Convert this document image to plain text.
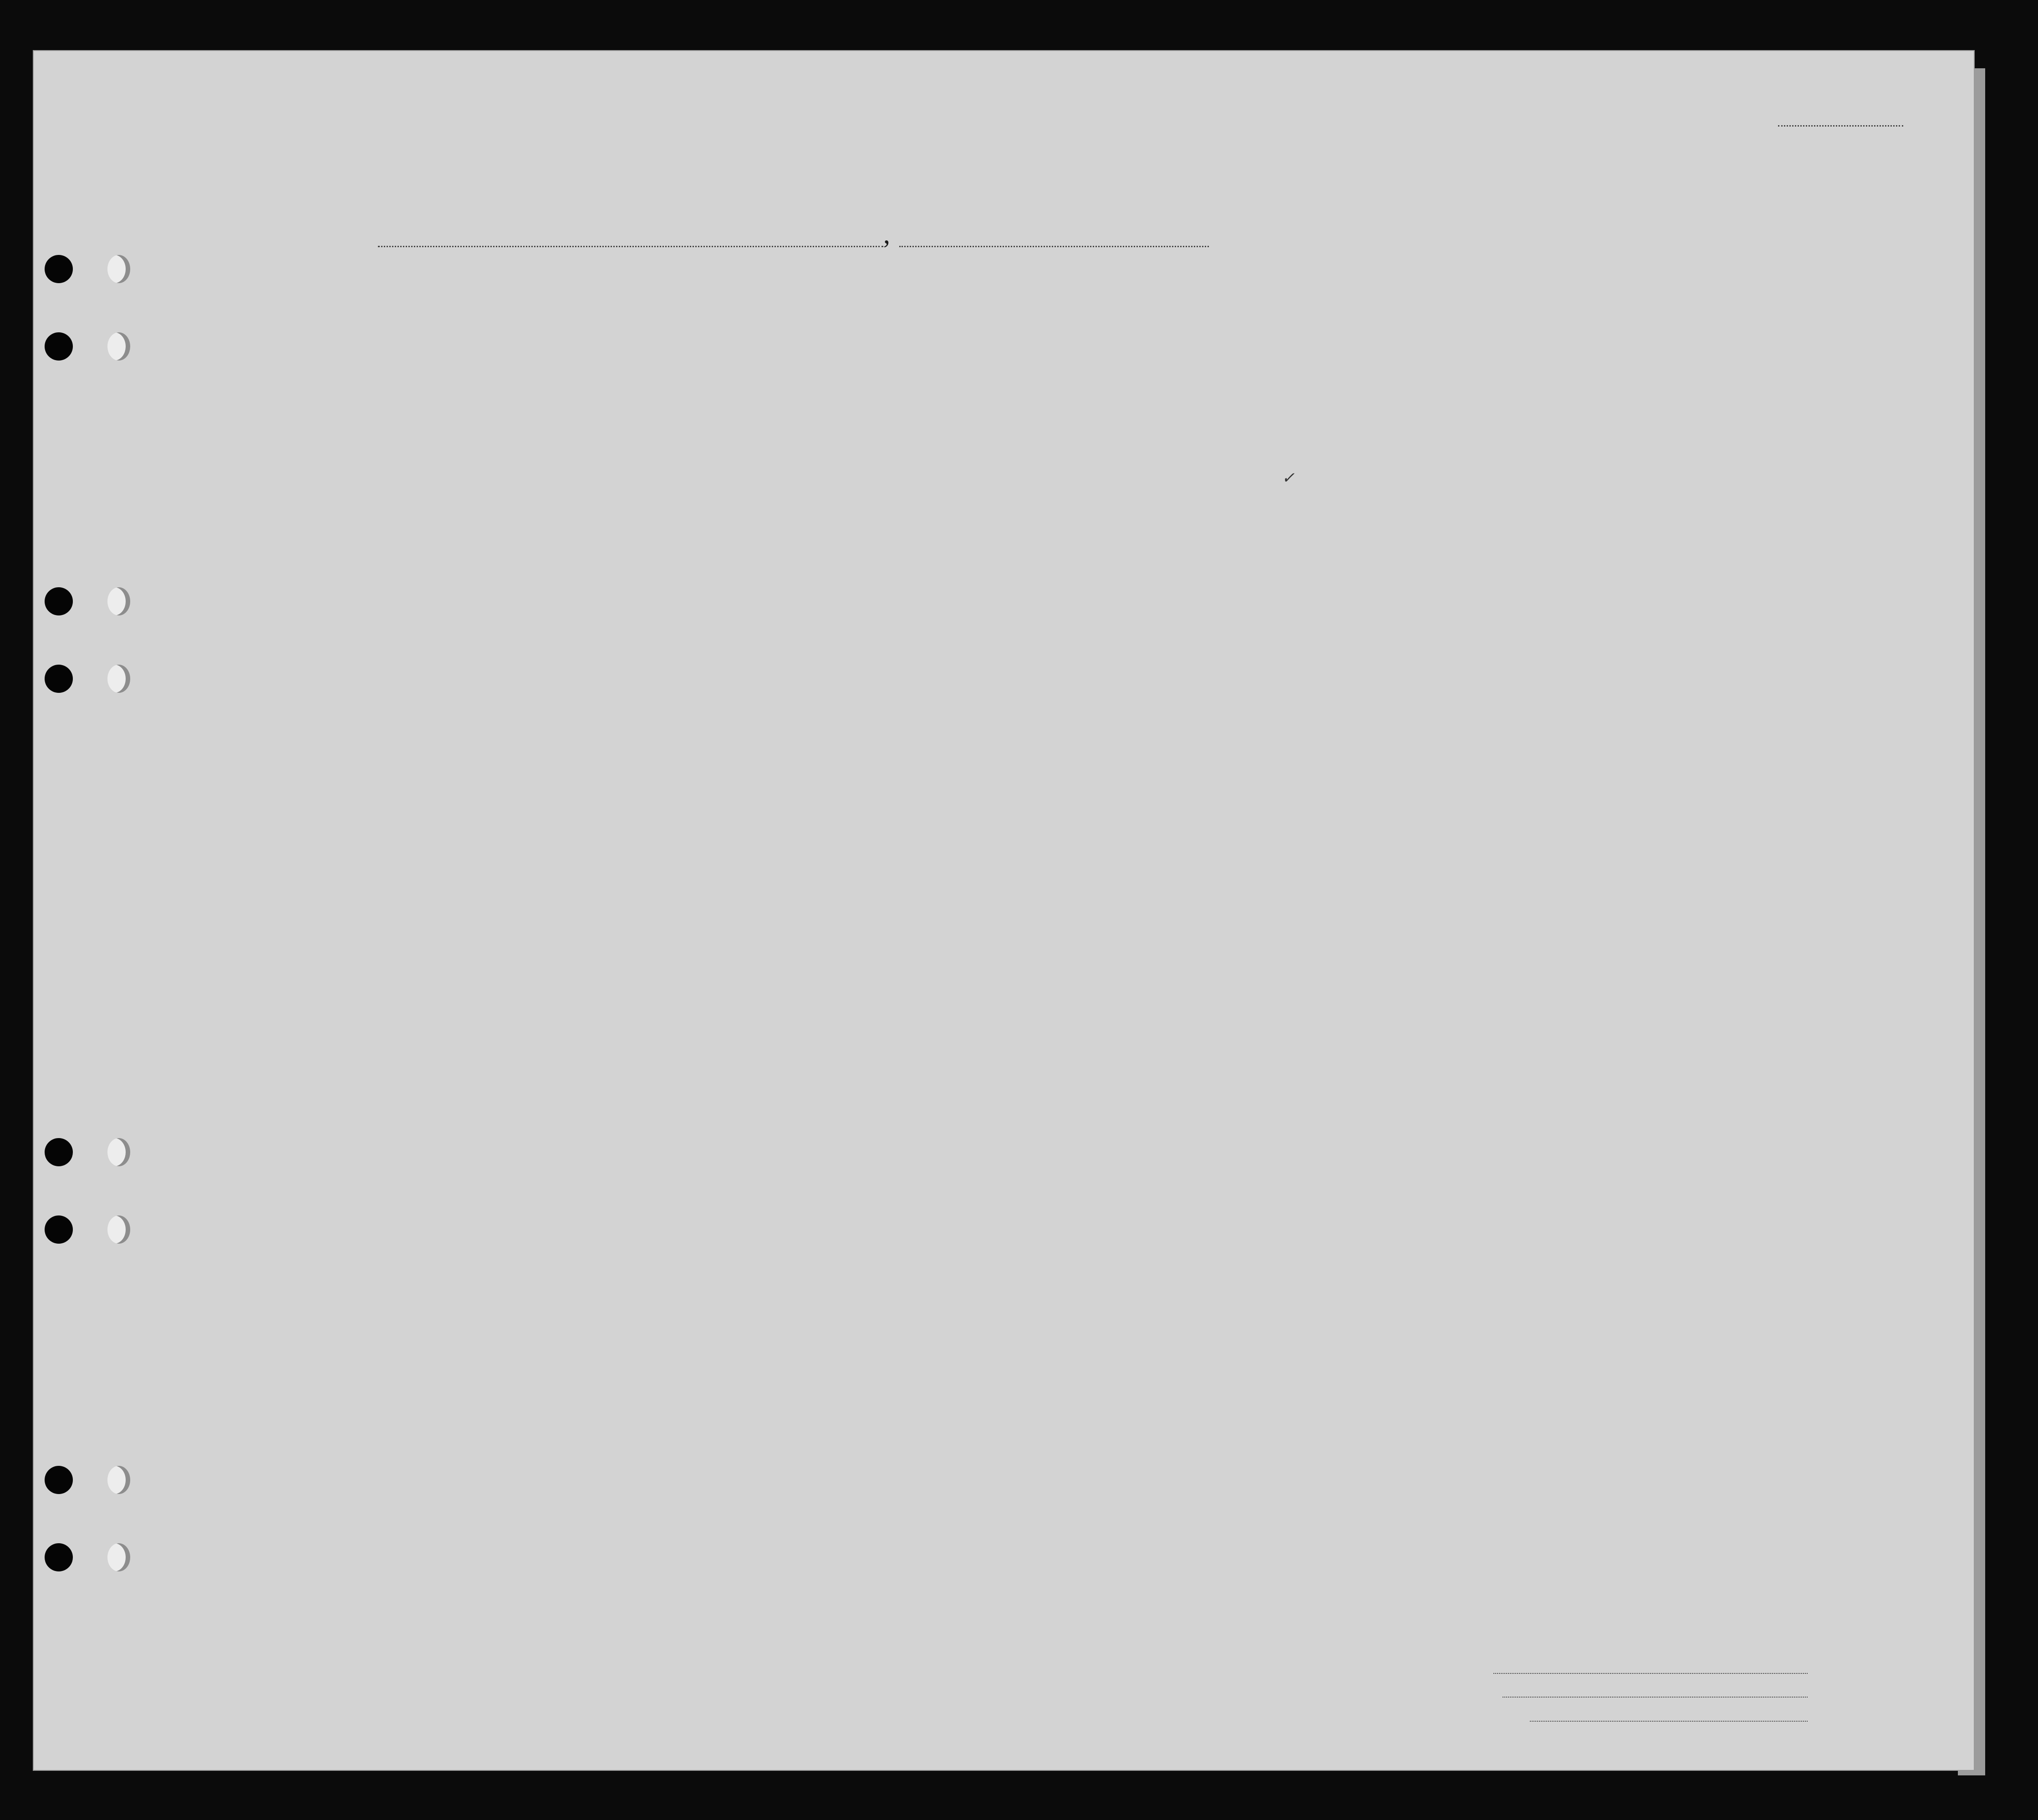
,
✓
